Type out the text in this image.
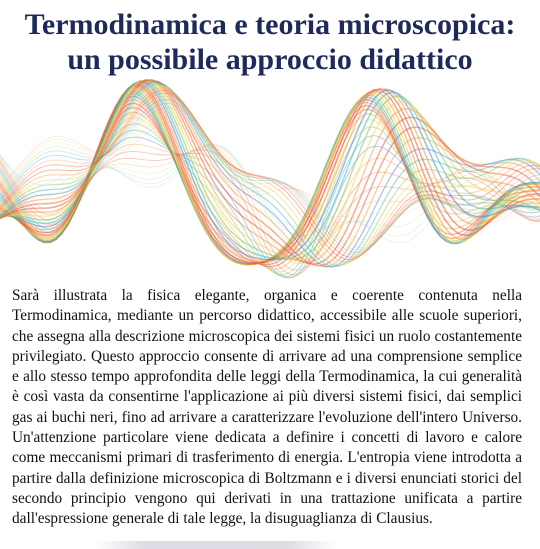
Termodinamica e teoria microscopica: un possibile approccio didattico

Sarà illustrata la fisica elegante, organica e coerente contenuta nella Termodinamica, mediante un percorso didattico, accessibile alle scuole superiori, che assegna alla descrizione microscopica dei sistemi fisici un ruolo costantemente privilegiato. Questo approccio consente di arrivare ad una comprensione semplice e allo stesso tempo approfondita delle leggi della Termodinamica, la cui generalità è così vasta da consentirne l'applicazione ai più diversi sistemi fisici, dai semplici gas ai buchi neri, fino ad arrivare a caratterizzare l'evoluzione dell'intero Universo. Un'attenzione particolare viene dedicata a definire i concetti di lavoro e calore come meccanismi primari di trasferimento di energia. L'entropia viene introdotta a partire dalla definizione microscopica di Boltzmann e i diversi enunciati storici del secondo principio vengono qui derivati in una trattazione unificata a partire dall'espressione generale di tale legge, la disuguaglianza di Clausius.
